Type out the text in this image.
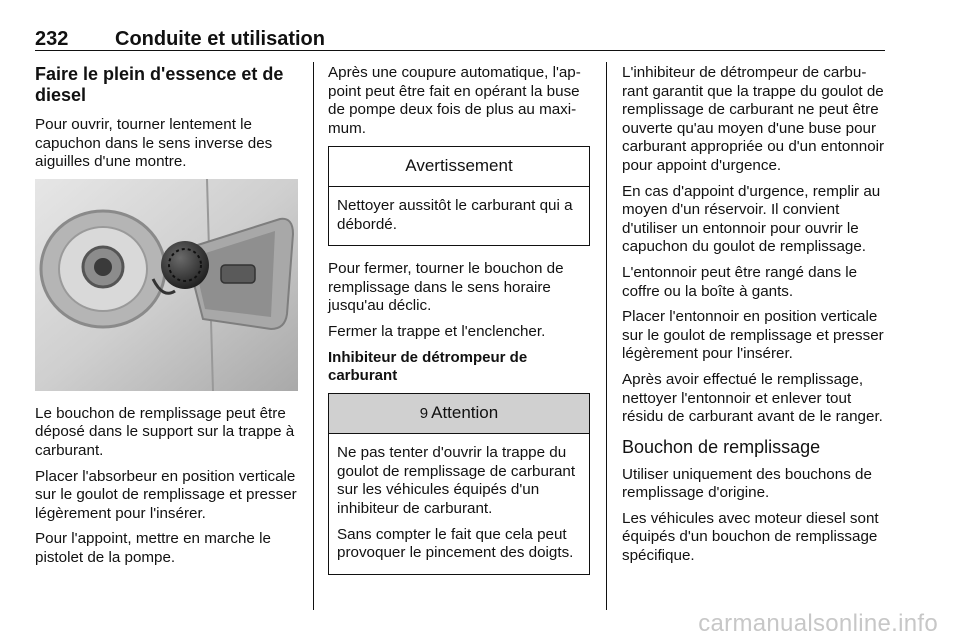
232 Conduite et utilisation
Faire le plein d'essence et de diesel

Pour ouvrir, tourner lentement le capuchon dans le sens inverse des aiguilles d'une montre.

Le bouchon de remplissage peut être déposé dans le support sur la trappe à carburant.

Placer l'absorbeur en position verticale sur le goulot de remplissage et presser légèrement pour l'insérer.

Pour l'appoint, mettre en marche le pistolet de la pompe.

Après une coupure automatique, l'appoint peut être fait en opérant la buse de pompe deux fois de plus au maximum.

Avertissement

Nettoyer aussitôt le carburant qui a débordé.

Pour fermer, tourner le bouchon de remplissage dans le sens horaire jusqu'au déclic.

Fermer la trappe et l'enclencher.

Inhibiteur de détrompeur de carburant
9 Attention

Ne pas tenter d'ouvrir la trappe du goulot de remplissage de carburant sur les véhicules équipés d'un inhibiteur de carburant.

Sans compter le fait que cela peut provoquer le pincement des doigts.

L'inhibiteur de détrompeur de carburant garantit que la trappe du goulot de remplissage de carburant ne peut être ouverte qu'au moyen d'une buse pour carburant appropriée ou d'un entonnoir pour appoint d'urgence.

En cas d'appoint d'urgence, remplir au moyen d'un réservoir. Il convient d'utiliser un entonnoir pour ouvrir le capuchon du goulot de remplissage.

L'entonnoir peut être rangé dans le coffre ou la boîte à gants.

Placer l'entonnoir en position verticale sur le goulot de remplissage et presser légèrement pour l'insérer.

Après avoir effectué le remplissage, nettoyer l'entonnoir et enlever tout résidu de carburant avant de le ranger.

Bouchon de remplissage

Utiliser uniquement des bouchons de remplissage d'origine.

Les véhicules avec moteur diesel sont équipés d'un bouchon de remplissage spécifique.

carmanualsonline.info
